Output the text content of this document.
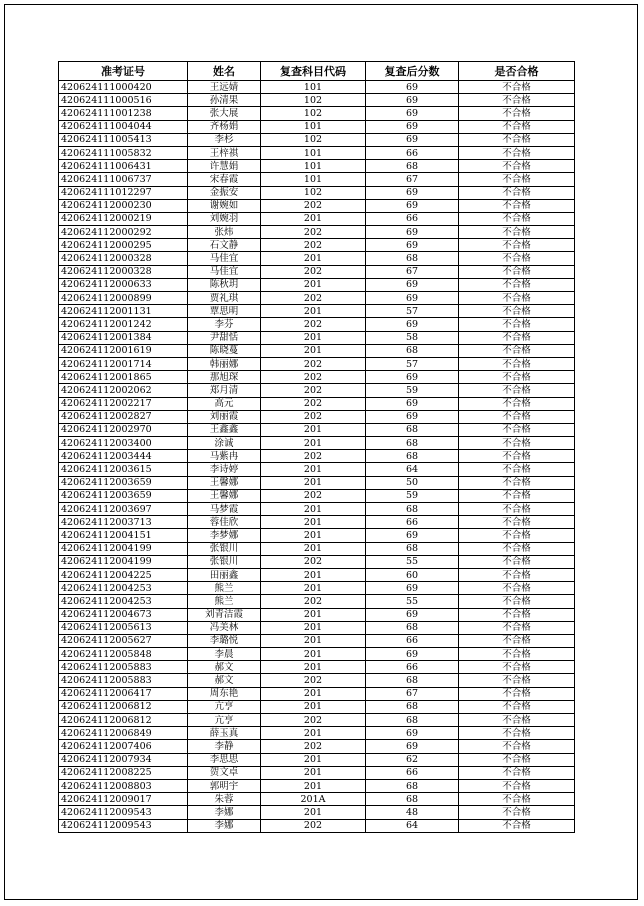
准考证号	姓名	复查科目代码	复查后分数	是否合格
420624111000420	王远婧	101	69	不合格
420624111000516	孙清果	102	69	不合格
420624111001238	张大展	102	69	不合格
420624111004044	齐杨娟	101	69	不合格
420624111005413	李杉	102	69	不合格
420624111005832	王梓祺	101	66	不合格
420624111006431	许慧娟	101	68	不合格
420624111006737	宋春霞	101	67	不合格
420624111012297	金振安	102	69	不合格
420624112000230	谢婉如	202	69	不合格
420624112000219	刘婉羽	201	66	不合格
420624112000292	张炜	202	69	不合格
420624112000295	石文静	202	69	不合格
420624112000328	马佳宜	201	68	不合格
420624112000328	马佳宜	202	67	不合格
420624112000633	陈秋玥	201	69	不合格
420624112000899	贾礼琪	202	69	不合格
420624112001131	覃思明	201	57	不合格
420624112001242	李芬	202	69	不合格
420624112001384	尹甜恬	201	58	不合格
420624112001619	陈晓蔓	201	68	不合格
420624112001714	韩丽娜	202	57	不合格
420624112001865	那旭琛	202	69	不合格
420624112002062	郑月清	202	59	不合格
420624112002217	高元	202	69	不合格
420624112002827	刘丽霞	202	69	不合格
420624112002970	王鑫鑫	201	68	不合格
420624112003400	涂诚	201	68	不合格
420624112003444	马紫冉	202	68	不合格
420624112003615	李诗婷	201	64	不合格
420624112003659	王馨娜	201	50	不合格
420624112003659	王馨娜	202	59	不合格
420624112003697	马梦霞	201	68	不合格
420624112003713	蓉佳欣	201	66	不合格
420624112004151	李梦娜	201	69	不合格
420624112004199	张银川	201	68	不合格
420624112004199	张银川	202	55	不合格
420624112004225	田丽鑫	201	60	不合格
420624112004253	熊兰	201	69	不合格
420624112004253	熊兰	202	55	不合格
420624112004673	刘青洁霞	201	69	不合格
420624112005613	冯美林	201	68	不合格
420624112005627	李璐悦	201	66	不合格
420624112005848	李晨	201	69	不合格
420624112005883	郝文	201	66	不合格
420624112005883	郝文	202	68	不合格
420624112006417	周东艳	201	67	不合格
420624112006812	亢亨	201	68	不合格
420624112006812	亢亨	202	68	不合格
420624112006849	薛玉真	201	69	不合格
420624112007406	李静	202	69	不合格
420624112007934	李思思	201	62	不合格
420624112008225	贺文卓	201	66	不合格
420624112008803	郭明宇	201	68	不合格
420624112009017	朱蓉	201A	68	不合格
420624112009543	李娜	201	48	不合格
420624112009543	李娜	202	64	不合格
